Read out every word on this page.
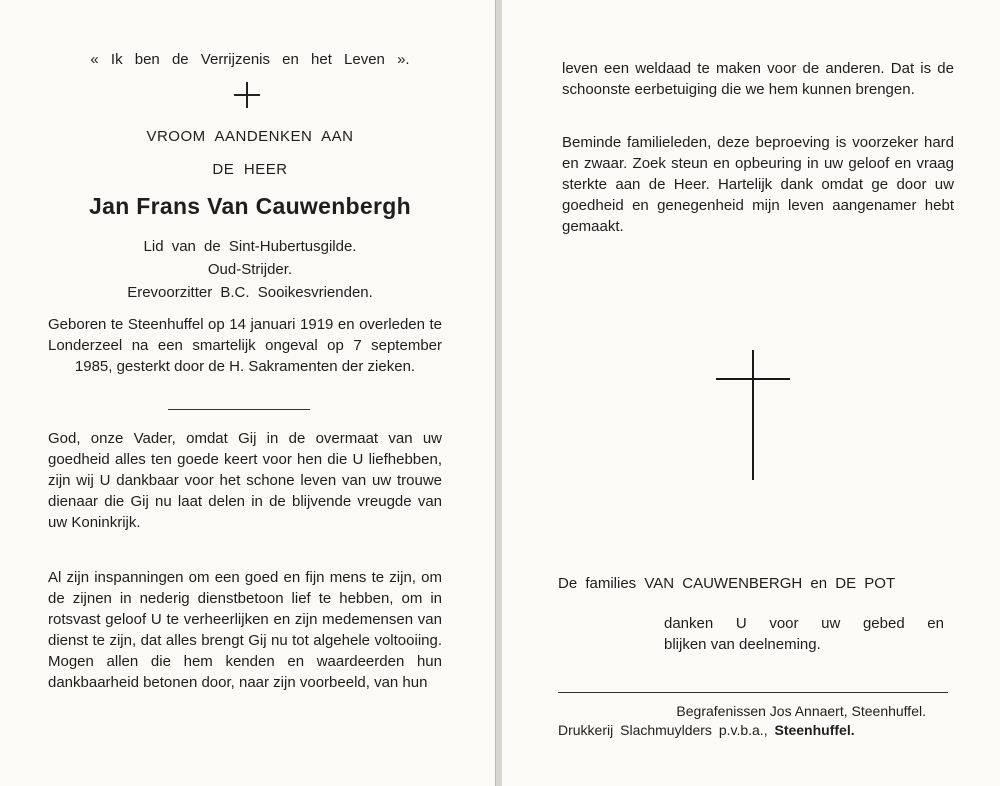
« Ik ben de Verrijzenis en het Leven ».
VROOM AANDENKEN AAN
DE HEER
Jan Frans Van Cauwenbergh
Lid van de Sint-Hubertusgilde.
Oud-Strijder.
Erevoorzitter B.C. Sooikesvrienden.
Geboren te Steenhuffel op 14 januari 1919 en overleden te Londerzeel na een smartelijk ongeval op 7 september 1985, gesterkt door de H. Sakramenten der zieken.
God, onze Vader, omdat Gij in de overmaat van uw goedheid alles ten goede keert voor hen die U liefhebben, zijn wij U dankbaar voor het schone leven van uw trouwe dienaar die Gij nu laat delen in de blijvende vreugde van uw Koninkrijk.
Al zijn inspanningen om een goed en fijn mens te zijn, om de zijnen in nederig dienstbetoon lief te hebben, om in rotsvast geloof U te verheerlijken en zijn medemensen van dienst te zijn, dat alles brengt Gij nu tot algehele voltooiing. Mogen allen die hem kenden en waardeerden hun dankbaarheid betonen door, naar zijn voorbeeld, van hun
leven een weldaad te maken voor de anderen. Dat is de schoonste eerbetuiging die we hem kunnen brengen.
Beminde familieleden, deze beproeving is voorzeker hard en zwaar. Zoek steun en opbeuring in uw geloof en vraag sterkte aan de Heer. Hartelijk dank omdat ge door uw goedheid en genegenheid mijn leven aangenamer hebt gemaakt.
De families VAN CAUWENBERGH en DE POT
danken U voor uw gebed en
blijken van deelneming.
Begrafenissen Jos Annaert, Steenhuffel.
Drukkerij Slachmuylders p.v.b.a., Steenhuffel.
